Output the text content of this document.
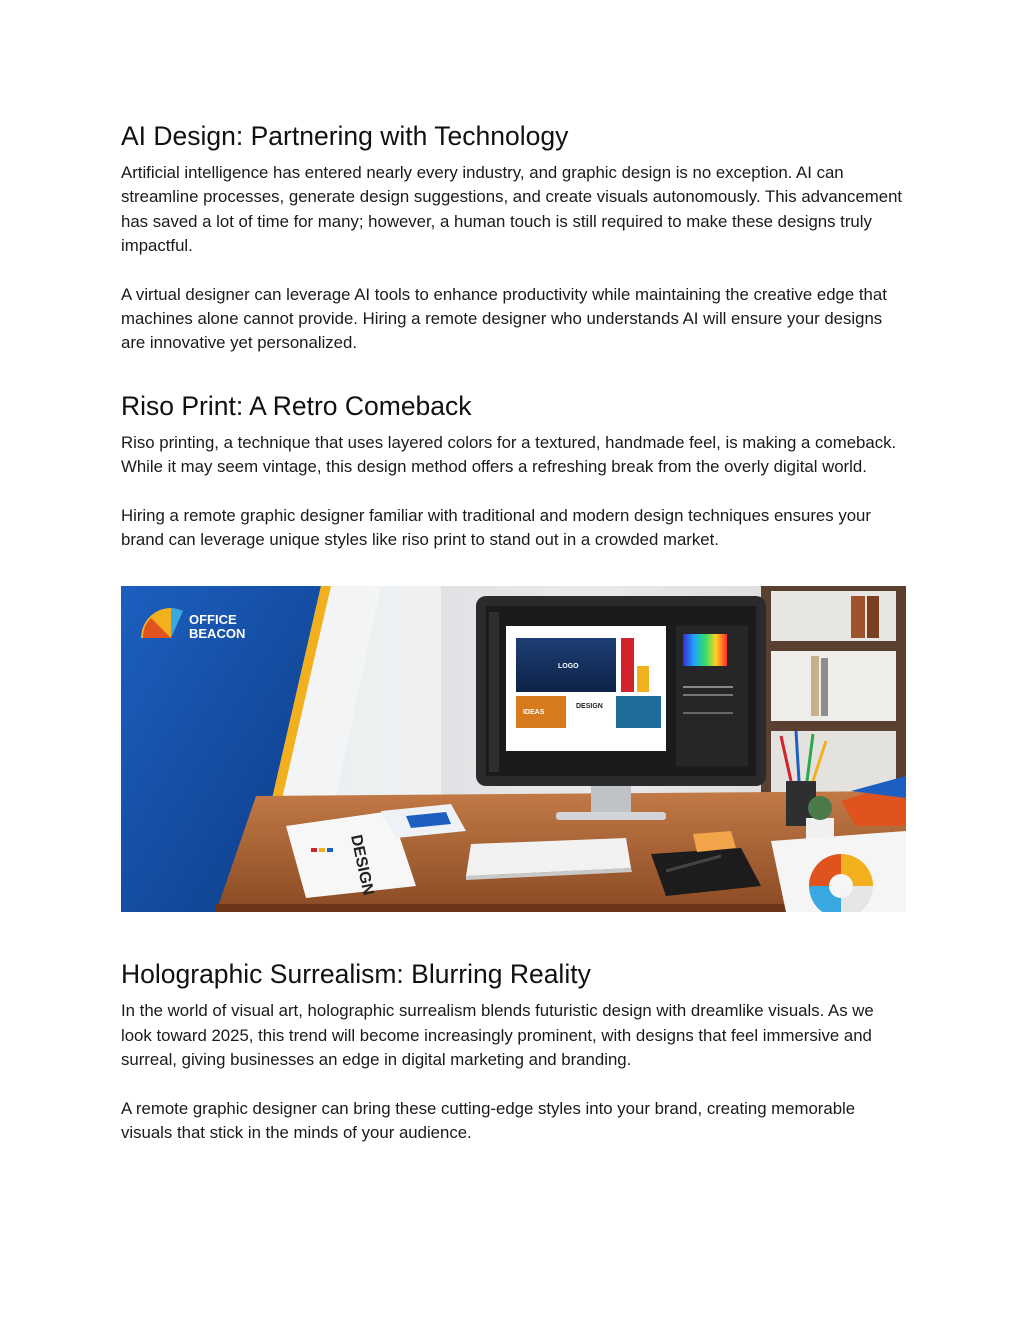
AI Design: Partnering with Technology

Artificial intelligence has entered nearly every industry, and graphic design is no exception. AI can streamline processes, generate design suggestions, and create visuals autonomously. This advancement has saved a lot of time for many; however, a human touch is still required to make these designs truly impactful.

A virtual designer can leverage AI tools to enhance productivity while maintaining the creative edge that machines alone cannot provide. Hiring a remote designer who understands AI will ensure your designs are innovative yet personalized.

Riso Print: A Retro Comeback

Riso printing, a technique that uses layered colors for a textured, handmade feel, is making a comeback. While it may seem vintage, this design method offers a refreshing break from the overly digital world.

Hiring a remote graphic designer familiar with traditional and modern design techniques ensures your brand can leverage unique styles like riso print to stand out in a crowded market.

OFFICE
BEACON
LOGO
IDEAS
DESIGN
DESIGN
Holographic Surrealism: Blurring Reality

In the world of visual art, holographic surrealism blends futuristic design with dreamlike visuals. As we look toward 2025, this trend will become increasingly prominent, with designs that feel immersive and surreal, giving businesses an edge in digital marketing and branding.

A remote graphic designer can bring these cutting-edge styles into your brand, creating memorable visuals that stick in the minds of your audience.
